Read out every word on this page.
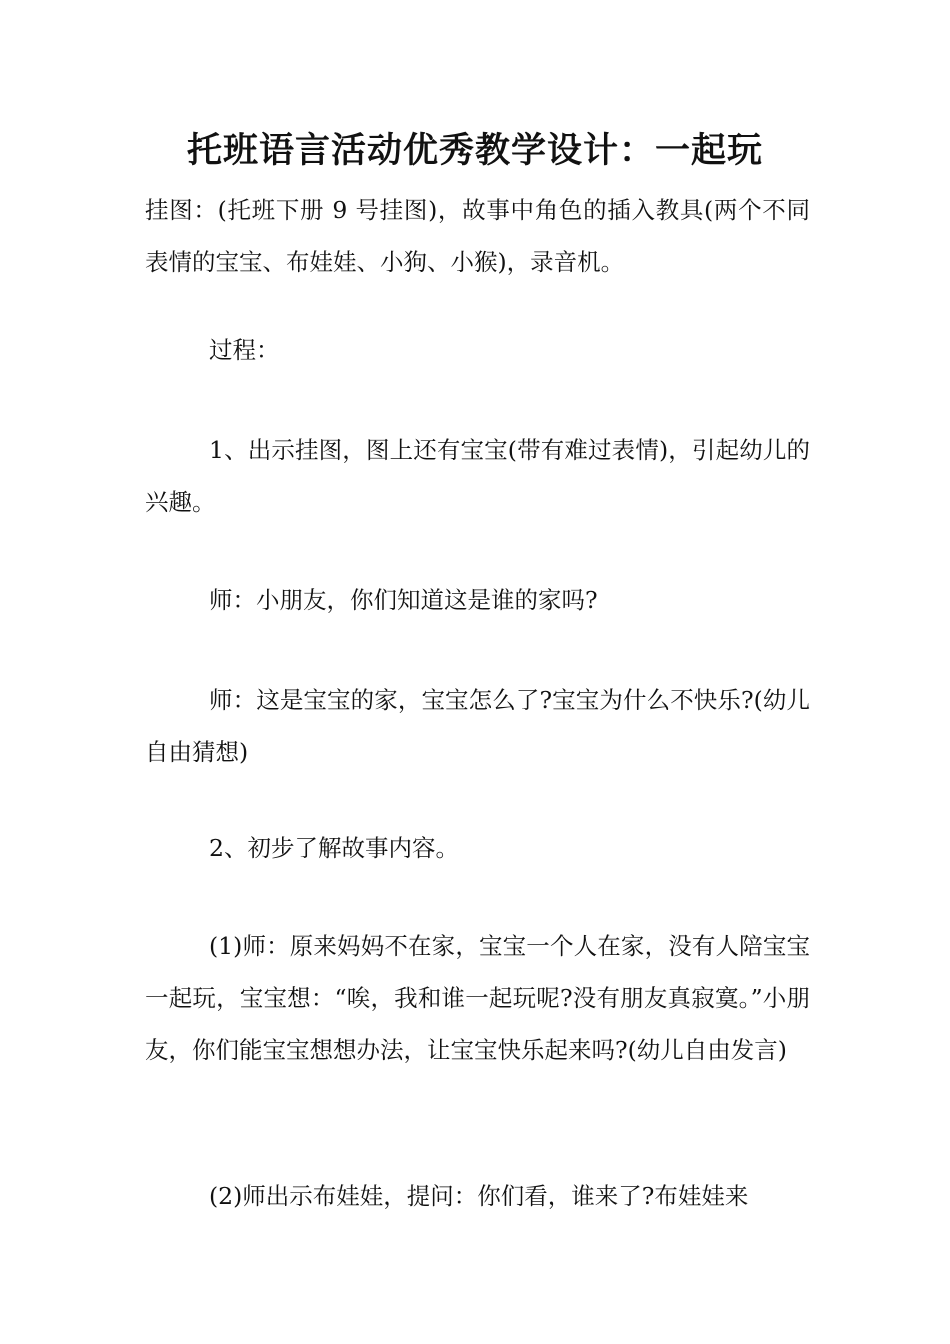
托班语言活动优秀教学设计：一起玩

挂图：(托班下册 9 号挂图)，故事中角色的插入教具(两个不同表情的宝宝、布娃娃、小狗、小猴)，录音机。

过程：

1、出示挂图，图上还有宝宝(带有难过表情)，引起幼儿的兴趣。

师：小朋友，你们知道这是谁的家吗?

师：这是宝宝的家，宝宝怎么了?宝宝为什么不快乐?(幼儿自由猜想)

2、初步了解故事内容。

(1)师：原来妈妈不在家，宝宝一个人在家，没有人陪宝宝一起玩，宝宝想：“唉，我和谁一起玩呢?没有朋友真寂寞。”小朋友，你们能宝宝想想办法，让宝宝快乐起来吗?(幼儿自由发言)

(2)师出示布娃娃，提问：你们看，谁来了?布娃娃来
